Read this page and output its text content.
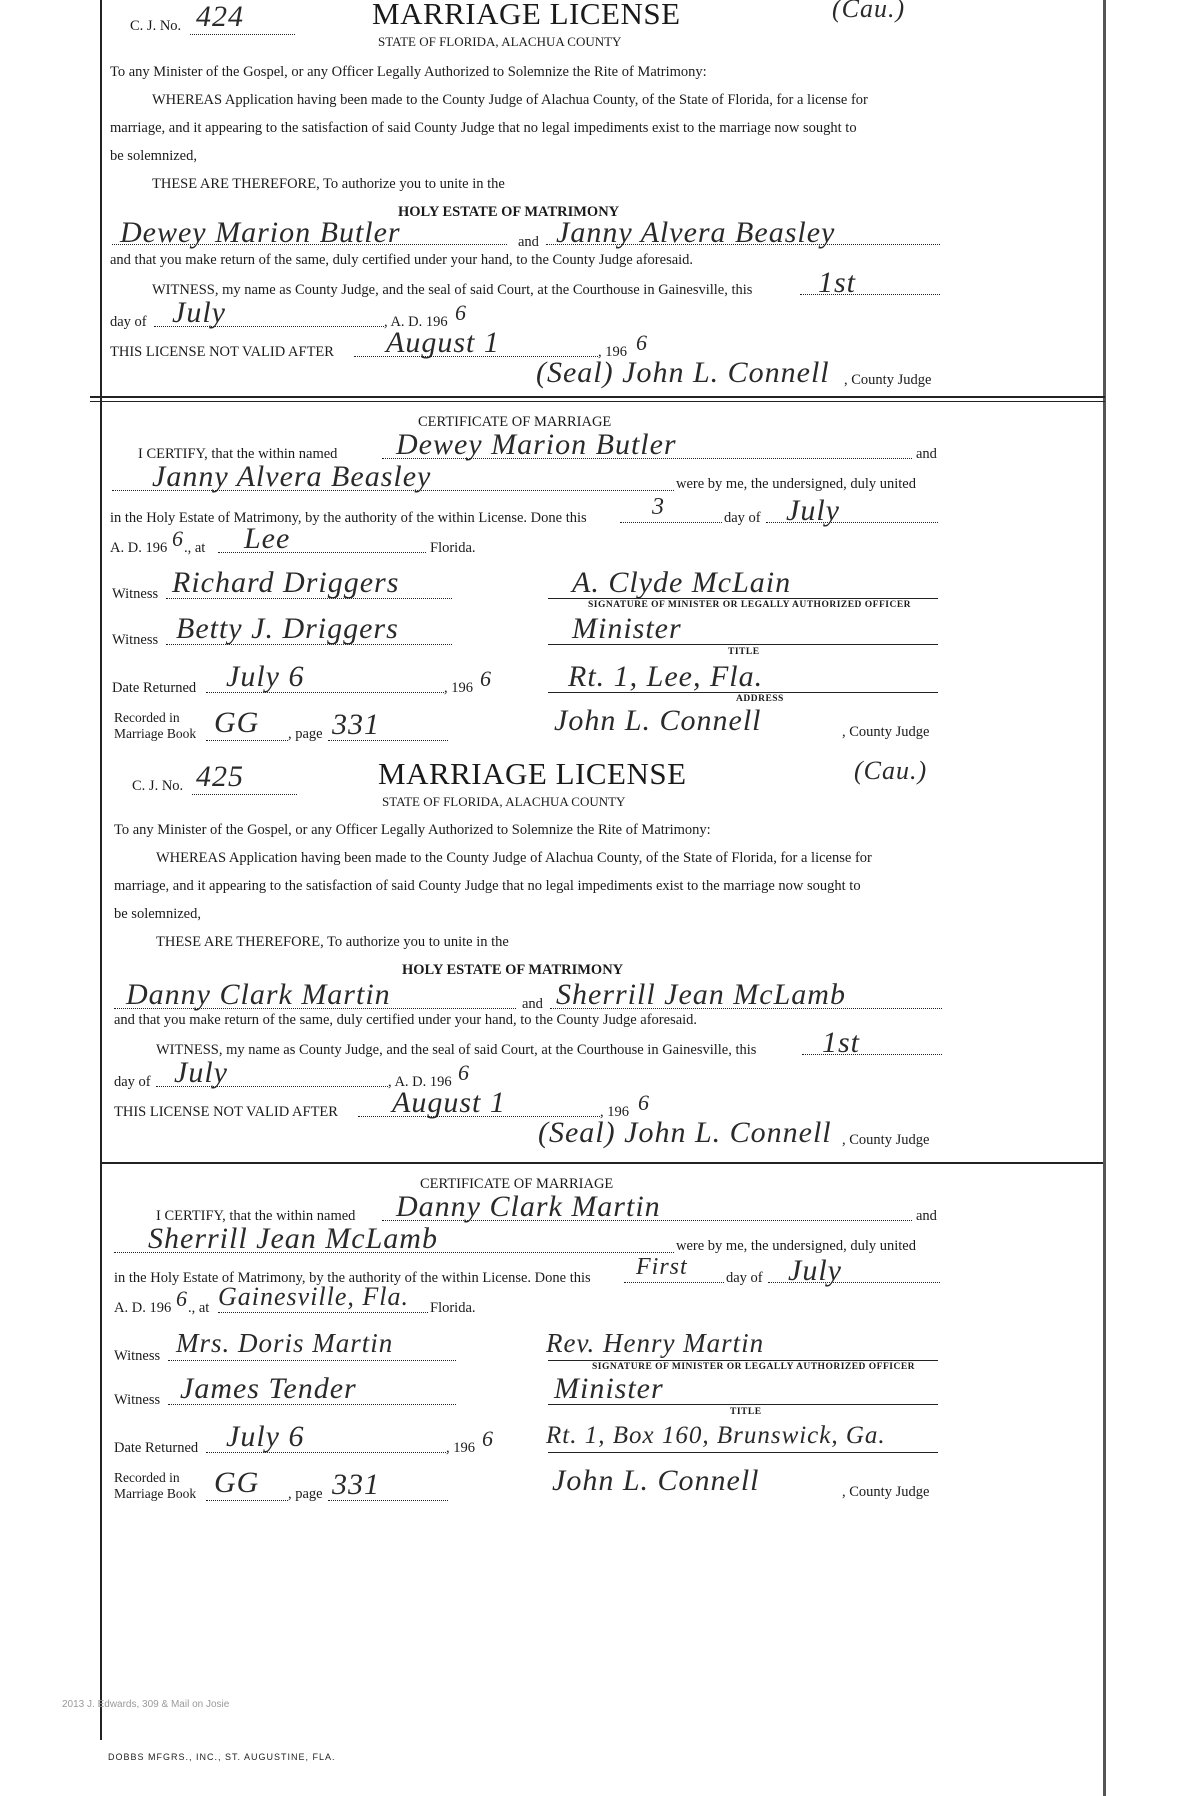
C. J. No. 424	MARRIAGE LICENSE	(Cau.)
STATE OF FLORIDA, ALACHUA COUNTY
To any Minister of the Gospel, or any Officer Legally Authorized to Solemnize the Rite of Matrimony:
WHEREAS Application having been made to the County Judge of Alachua County, of the State of Florida, for a license for
marriage, and it appearing to the satisfaction of said County Judge that no legal impediments exist to the marriage now sought to
be solemnized,
THESE ARE THEREFORE, To authorize you to unite in the
HOLY ESTATE OF MATRIMONY
Dewey Marion Butler	and Janny Alvera Beasley
and that you make return of the same, duly certified under your hand, to the County Judge aforesaid.
WITNESS, my name as County Judge, and the seal of said Court, at the Courthouse in Gainesville, this 1st
day of July	, A. D. 196 6
THIS LICENSE NOT VALID AFTER August 1	, 196 6
(Seal) John L. Connell , County Judge
CERTIFICATE OF MARRIAGE
I CERTIFY, that the within named Dewey Marion Butler	and
Janny Alvera Beasley	were by me, the undersigned, duly united
in the Holy Estate of Matrimony, by the authority of the within License. Done this	3	day of July
A. D. 196 6 ., at Lee	Florida.
Witness Richard Driggers	A. Clyde McLain
SIGNATURE OF MINISTER OR LEGALLY AUTHORIZED OFFICER
Witness Betty J. Driggers	Minister
TITLE
Date Returned July 6	, 196 6	Rt. 1, Lee, Fla.
ADDRESS
Recorded in
Marriage Book GG , page 331	John L. Connell	, County Judge
C. J. No. 425	MARRIAGE LICENSE	(Cau.)
STATE OF FLORIDA, ALACHUA COUNTY
To any Minister of the Gospel, or any Officer Legally Authorized to Solemnize the Rite of Matrimony:
WHEREAS Application having been made to the County Judge of Alachua County, of the State of Florida, for a license for
marriage, and it appearing to the satisfaction of said County Judge that no legal impediments exist to the marriage now sought to
be solemnized,
THESE ARE THEREFORE, To authorize you to unite in the
HOLY ESTATE OF MATRIMONY
Danny Clark Martin	and Sherrill Jean McLamb
and that you make return of the same, duly certified under your hand, to the County Judge aforesaid.
WITNESS, my name as County Judge, and the seal of said Court, at the Courthouse in Gainesville, this 1st
day of July	, A. D. 196 6
THIS LICENSE NOT VALID AFTER August 1	, 196 6
(Seal) John L. Connell , County Judge
CERTIFICATE OF MARRIAGE
I CERTIFY, that the within named Danny Clark Martin	and
Sherrill Jean McLamb	were by me, the undersigned, duly united
in the Holy Estate of Matrimony, by the authority of the within License. Done this First	day of July
A. D. 196 6 ., at Gainesville, Fla. Florida.
Witness Mrs. Doris Martin	Rev. Henry Martin
SIGNATURE OF MINISTER OR LEGALLY AUTHORIZED OFFICER
Witness James Tender	Minister
TITLE
Date Returned July 6	, 196 6 Rt. 1, Box 160, Brunswick, Ga.
Recorded in
Marriage Book GG , page 331	John L. Connell	, County Judge
2013 J. Edwards, 309 & Mail on Josie
DOBBS MFGRS., INC., ST. AUGUSTINE, FLA.
